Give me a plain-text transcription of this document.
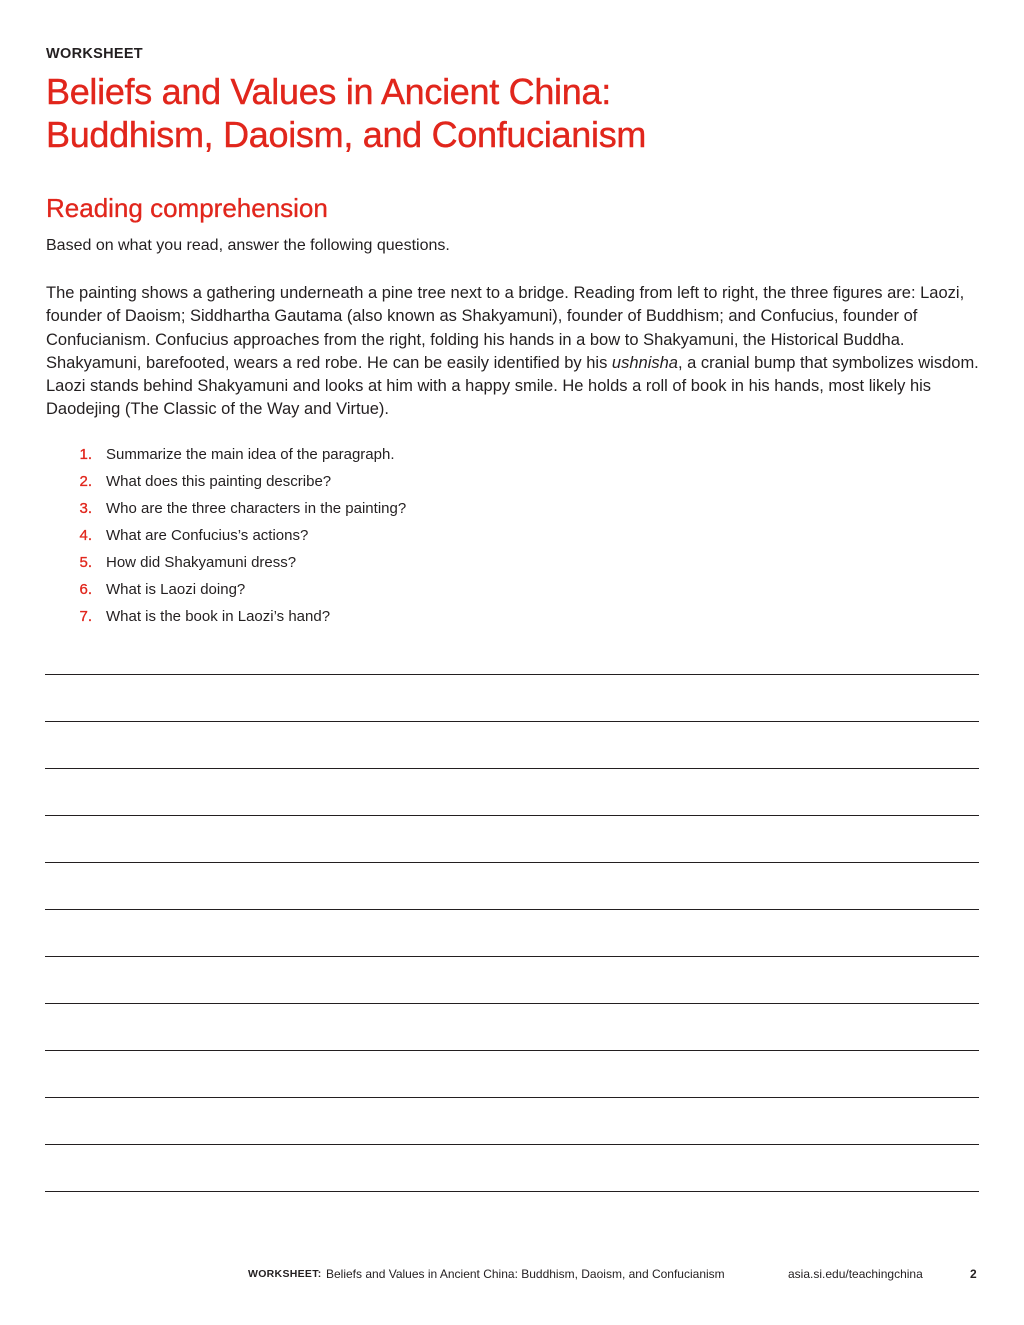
WORKSHEET
Beliefs and Values in Ancient China:
Buddhism, Daoism, and Confucianism
Reading comprehension
Based on what you read, answer the following questions.

The painting shows a gathering underneath a pine tree next to a bridge. Reading from left to right, the three figures are: Laozi, founder of Daoism; Siddhartha Gautama (also known as Shakyamuni), founder of Buddhism; and Confucius, founder of Confucianism. Confucius approaches from the right, folding his hands in a bow to Shakyamuni, the Historical Buddha. Shakyamuni, barefooted, wears a red robe. He can be easily identified by his ushnisha, a cranial bump that symbolizes wisdom. Laozi stands behind Shakyamuni and looks at him with a happy smile. He holds a roll of book in his hands, most likely his Daodejing (The Classic of the Way and Virtue).

1. Summarize the main idea of the paragraph.
2. What does this painting describe?
3. Who are the three characters in the painting?
4. What are Confucius’s actions?
5. How did Shakyamuni dress?
6. What is Laozi doing?
7. What is the book in Laozi’s hand?
WORKSHEET: Beliefs and Values in Ancient China: Buddhism, Daoism, and Confucianism	asia.si.edu/teachingchina	2
